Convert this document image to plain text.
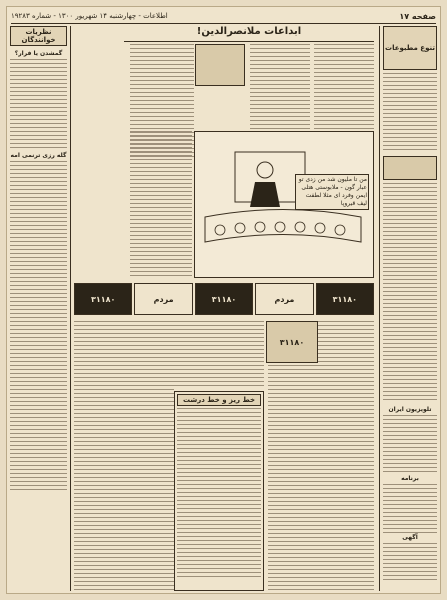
صفحه ۱۷
اطلاعات - چهارشنبه ۱۴ شهریور ۱۳۰۰ - شماره ۱۹۲۸۳
تنوع مطبوعات
تلویزیون ایران
برنامه
آگهی
ابداعات ملانصرالدین!
من تا ملیون شد من زدی تو عبار گون - ملابوستی هتلی ایمن وفرد ای مثلا لطفت لیف قیروپا
نظریات خوانندگان
گمشدن یا فرار؟
گله رزی ترنمی امه
۳۱۱۸۰	مردم	۳۱۱۸۰	مردم	۳۱۱۸۰
۳۱۱۸۰
خط ریز و خط درشت
